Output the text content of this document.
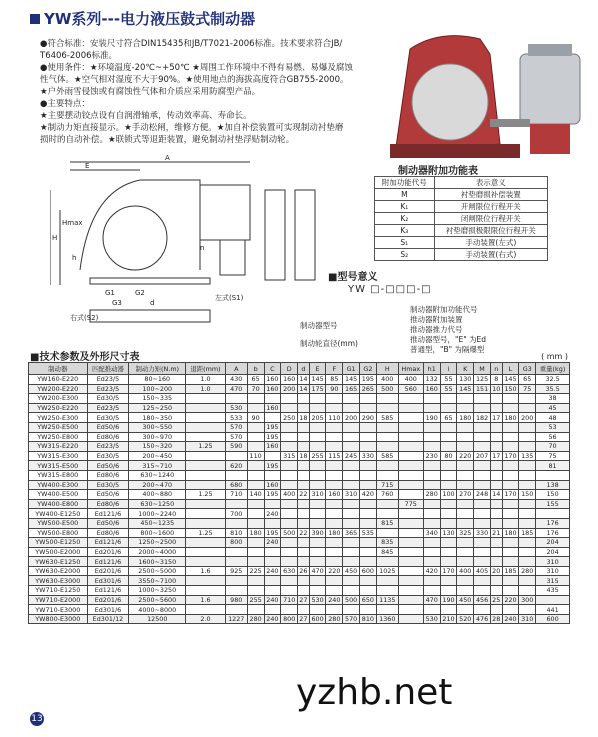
YW系列---电力液压鼓式制动器

●符合标准：安装尺寸符合DIN15435和JB/T7021-2006标准。技术要求符合JB/

T6406-2006标准。

●使用条件：★环境温度-20℃~+50℃ ★周围工作环境中不得有易燃、易爆及腐蚀

性气体。★空气相对湿度不大于90%。★使用地点的海拔高度符合GB755-2000。

★户外雨雪侵蚀或有腐蚀性气体和介质应采用防腐型产品。

●主要特点：

★主要摆动铰点设有自润滑轴承，传动效率高、寿命长。

★制动力矩直接显示。★手动松闸，维修方便。★加自补偿装置可实现制动衬垫磨

损时的自动补偿。★联锁式等退距装置，避免制动衬垫浮贴制动轮。

E
A
H
Hmax
h
G1	G2
G3	d
右式(S2)
n
左式(S1)
制动器附加功能表
附加功能代号	表示意义
M	衬垫磨损补偿装置
K₁	开闸限位行程开关
K₂	闭闸限位行程开关
K₃	衬垫磨损极限限位行程开关
S₁	手动装置(左式)
S₂	手动装置(右式)
■型号意义
YW □-□□□-□
制动器附加功能代号
推动器附加装置
推动器推力代号
推动器型号，"E" 为Ed
普通型，"B" 为隔爆型
制动器型号
制动轮直径(mm)
■技术参数及外形尺寸表	( mm )
制动器	匹配推动器	制动力矩(N.m)	退距(mm)	A	b	C	D	d	E	F	G1	G2	H	Hmax	h1	i	K	M	n	L	G3	重量(kg)
YW160-E220	Ed23/5	80~160	1.0	430	65	160	160	14	145	85	145	195	400	400	132	55	130	125	8	145	65	32.5
YW200-E220	Ed23/5	100~200	1.0	470	70	160	200	14	175	90	165	265	500	560	160	55	145	151	10	150	75	35.5
YW200-E300	Ed30/5	150~335																				38
YW250-E220	Ed23/5	125~250		530		160																45
YW250-E300	Ed30/5	180~350		533	90		250	18	205	110	200	290	585		190	65	180	182	17	180	200	48
YW250-E500	Ed50/6	300~550		570		195																53
YW250-E800	Ed80/6	300~970		570		195																56
YW315-E220	Ed23/5	150~320	1.25	590		160																70
YW315-E300	Ed30/5	200~450			110		315	18	255	115	245	330	585		230	80	220	207	17	170	135	75
YW315-E500	Ed50/6	315~710		620		195																81
YW315-E800	Ed80/6	630~1240																				
YW400-E300	Ed30/5	200~470		680		160							715									138
YW400-E500	Ed50/6	400~880	1.25	710	140	195	400	22	310	160	310	420	760		280	100	270	248	14	170	150	150
YW400-E800	Ed80/6	630~1250												775								155
YW400-E1250	Ed121/6	1000~2240		700		240																
YW500-E500	Ed50/6	450~1235											815									176
YW500-E800	Ed80/6	800~1600	1.25	810	180	195	500	22	390	180	365	535			340	130	325	330	21	180	185	176
YW500-E1250	Ed121/6	1250~2500		800		240							835									204
YW500-E2000	Ed201/6	2000~4000											845									204
YW630-E1250	Ed121/6	1600~3150																				310
YW630-E2000	Ed201/6	2500~5000	1.6	925	225	240	630	26	470	220	450	600	1025		420	170	400	405	20	185	280	310
YW630-E3000	Ed301/6	3550~7100																				315
YW710-E1250	Ed121/6	1000~3250																				435
YW710-E2000	Ed201/6	2500~5600	1.6	980	255	240	710	27	530	240	500	650	1135		470	190	450	456	25	220	300	
YW710-E3000	Ed301/6	4000~8000																				441
YW800-E3000	Ed301/12	12500	2.0	1227	280	240	800	27	600	280	570	810	1360		530	210	520	476	28	240	310	600
13
yzhb.net
